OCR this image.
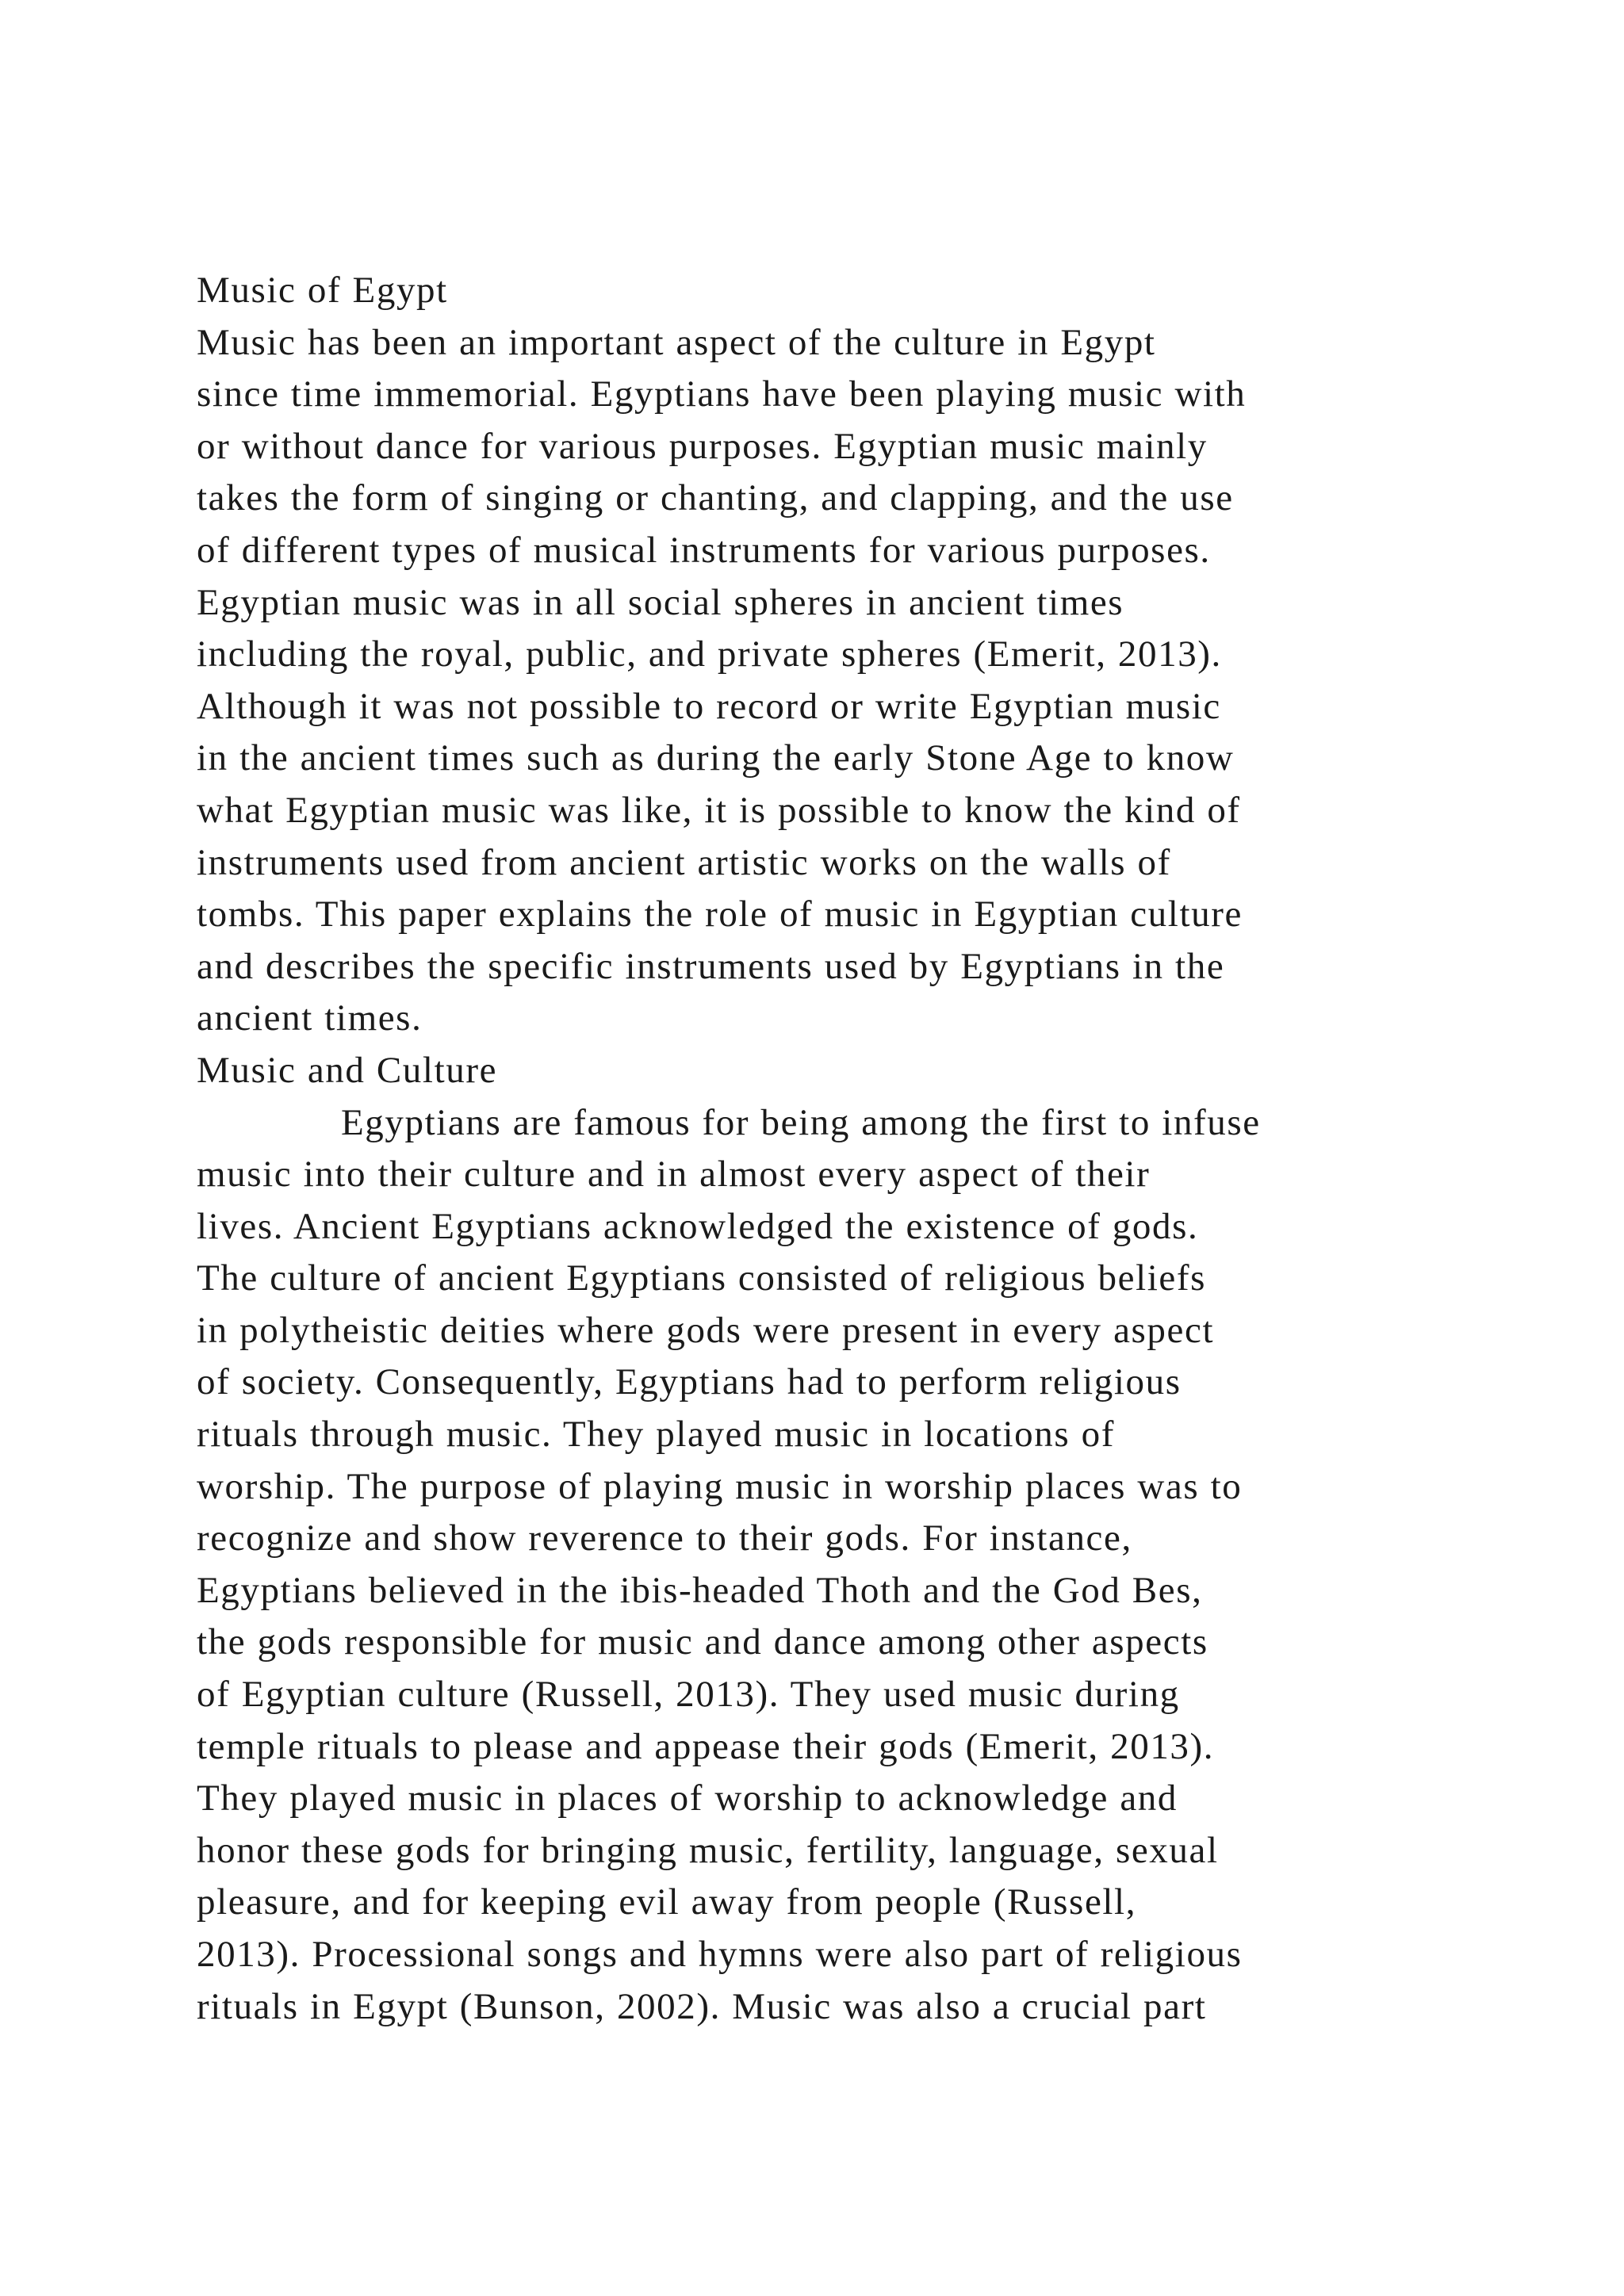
Music of Egypt
Music has been an important aspect of the culture in Egypt
since time immemorial. Egyptians have been playing music with
or without dance for various purposes. Egyptian music mainly
takes the form of singing or chanting, and clapping, and the use
of different types of musical instruments for various purposes.
Egyptian music was in all social spheres in ancient times
including the royal, public, and private spheres (Emerit, 2013).
Although it was not possible to record or write Egyptian music
in the ancient times such as during the early Stone Age to know
what Egyptian music was like, it is possible to know the kind of
instruments used from ancient artistic works on the walls of
tombs. This paper explains the role of music in Egyptian culture
and describes the specific instruments used by Egyptians in the
ancient times.
Music and Culture
Egyptians are famous for being among the first to infuse
music into their culture and in almost every aspect of their
lives. Ancient Egyptians acknowledged the existence of gods.
The culture of ancient Egyptians consisted of religious beliefs
in polytheistic deities where gods were present in every aspect
of society. Consequently, Egyptians had to perform religious
rituals through music. They played music in locations of
worship. The purpose of playing music in worship places was to
recognize and show reverence to their gods. For instance,
Egyptians believed in the ibis-headed Thoth and the God Bes,
the gods responsible for music and dance among other aspects
of Egyptian culture (Russell, 2013). They used music during
temple rituals to please and appease their gods (Emerit, 2013).
They played music in places of worship to acknowledge and
honor these gods for bringing music, fertility, language, sexual
pleasure, and for keeping evil away from people (Russell,
2013). Processional songs and hymns were also part of religious
rituals in Egypt (Bunson, 2002). Music was also a crucial part
